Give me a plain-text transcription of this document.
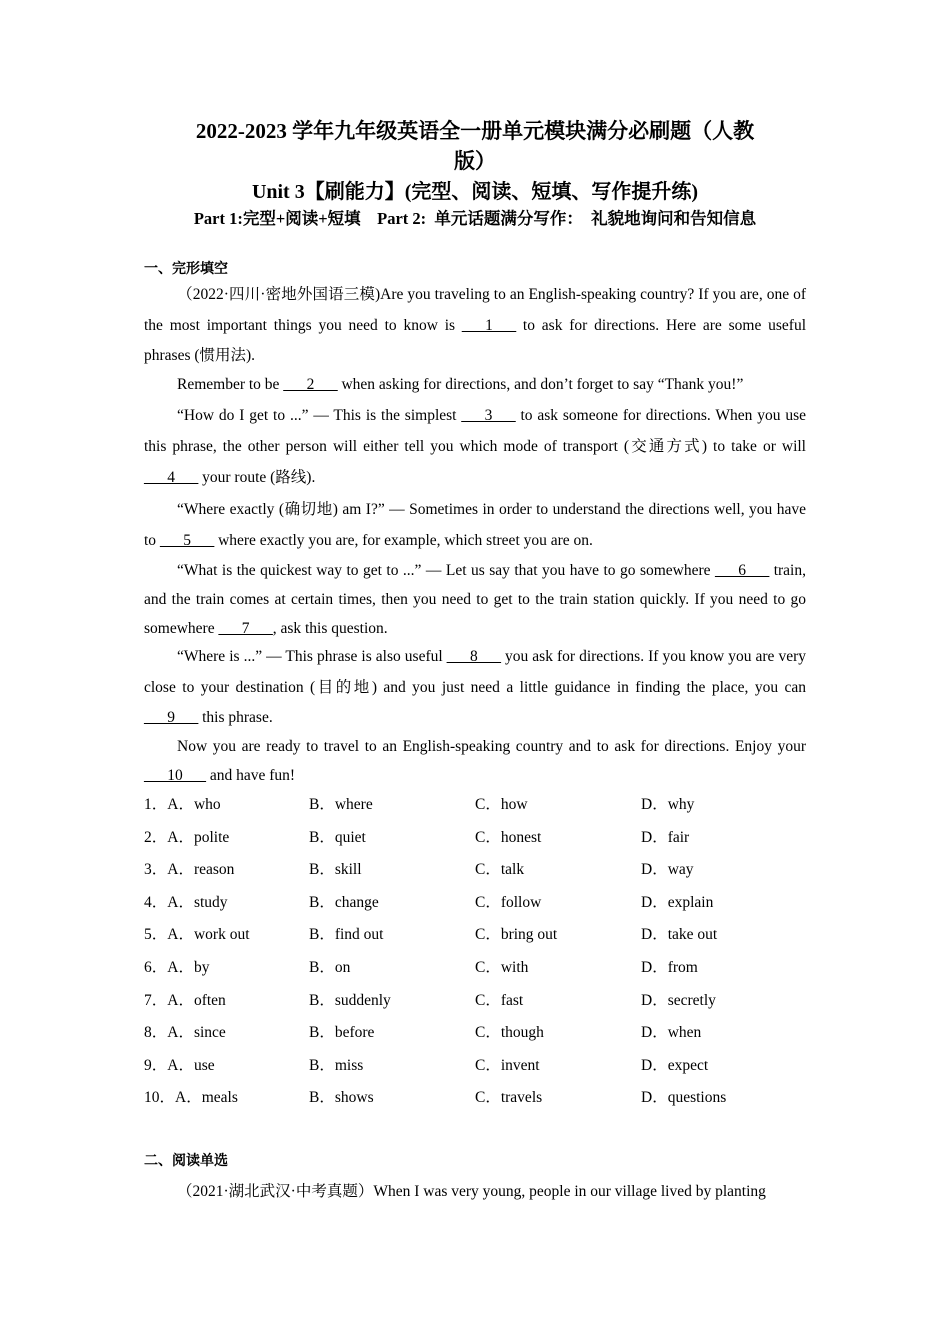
2022-2023 学年九年级英语全一册单元模块满分必刷题（人教
版）
Unit 3【刷能力】(完型、阅读、短填、写作提升练)
Part 1:完型+阅读+短填    Part 2:  单元话题满分写作：  礼貌地询问和告知信息
一、完形填空

（2022·四川·密地外国语三模)Are you traveling to an English-speaking country? If you are, one of the most important things you need to know is ___1___ to ask for directions. Here are some useful phrases (惯用法).

Remember to be ___2___ when asking for directions, and don’t forget to say “Thank you!”

“How do I get to ...” — This is the simplest ___3___ to ask someone for directions. When you use this phrase, the other person will either tell you which mode of transport (交通方式) to take or will ___4___ your route (路线).

“Where exactly (确切地) am I?” — Sometimes in order to understand the directions well, you have to ___5___ where exactly you are, for example, which street you are on.

“What is the quickest way to get to ...” — Let us say that you have to go somewhere ___6___ train, and the train comes at certain times, then you need to get to the train station quickly. If you need to go somewhere ___7___, ask this question.

“Where is ...” — This phrase is also useful ___8___ you ask for directions. If you know you are very close to your destination (目的地) and you just need a little guidance in finding the place, you can ___9___ this phrase.

Now you are ready to travel to an English-speaking country and to ask for directions. Enjoy your ___10___ and have fun!

1．A．who	B．where	C．how	D．why
2．A．polite	B．quiet	C．honest	D．fair
3．A．reason	B．skill	C．talk	D．way
4．A．study	B．change	C．follow	D．explain
5．A．work out	B．find out	C．bring out	D．take out
6．A．by	B．on	C．with	D．from
7．A．often	B．suddenly	C．fast	D．secretly
8．A．since	B．before	C．though	D．when
9．A．use	B．miss	C．invent	D．expect
10．A．meals	B．shows	C．travels	D．questions
二、阅读单选

（2021·湖北武汉·中考真题）When I was very young, people in our village lived by planting
